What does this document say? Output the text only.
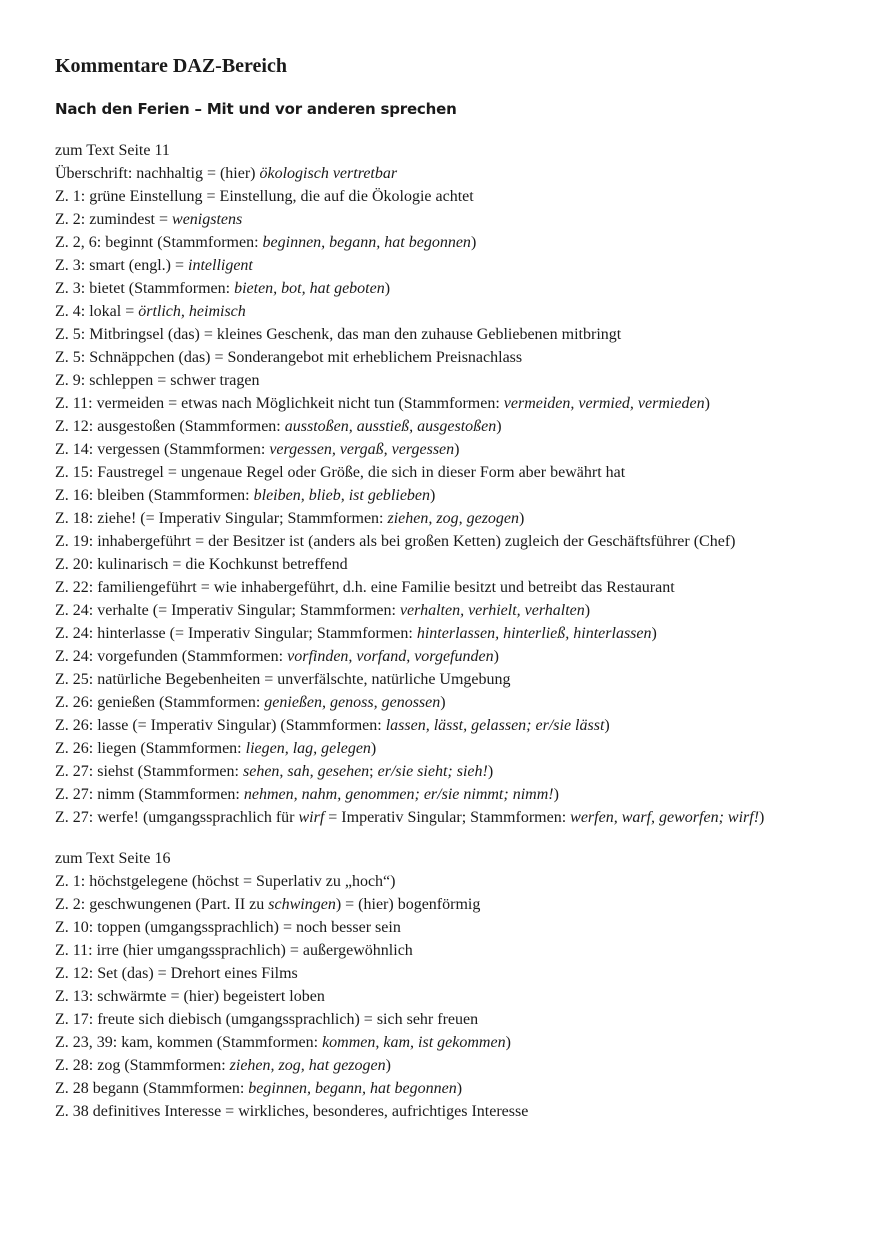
Kommentare DAZ-Bereich
Nach den Ferien – Mit und vor anderen sprechen
zum Text Seite 11
Überschrift: nachhaltig = (hier) ökologisch vertretbar
Z. 1: grüne Einstellung = Einstellung, die auf die Ökologie achtet
Z. 2: zumindest = wenigstens
Z. 2, 6: beginnt (Stammformen: beginnen, begann, hat begonnen)
Z. 3: smart (engl.) = intelligent
Z. 3: bietet (Stammformen: bieten, bot, hat geboten)
Z. 4: lokal = örtlich, heimisch
Z. 5: Mitbringsel (das) = kleines Geschenk, das man den zuhause Gebliebenen mitbringt
Z. 5: Schnäppchen (das) = Sonderangebot mit erheblichem Preisnachlass
Z. 9: schleppen = schwer tragen
Z. 11: vermeiden = etwas nach Möglichkeit nicht tun (Stammformen: vermeiden, vermied, vermieden)
Z. 12: ausgestoßen (Stammformen: ausstoßen, ausstieß, ausgestoßen)
Z. 14: vergessen (Stammformen: vergessen, vergaß, vergessen)
Z. 15: Faustregel = ungenaue Regel oder Größe, die sich in dieser Form aber bewährt hat
Z. 16: bleiben (Stammformen: bleiben, blieb, ist geblieben)
Z. 18: ziehe! (= Imperativ Singular; Stammformen: ziehen, zog, gezogen)
Z. 19: inhabergeführt = der Besitzer ist (anders als bei großen Ketten) zugleich der Geschäftsführer (Chef)
Z. 20: kulinarisch = die Kochkunst betreffend
Z. 22: familiengeführt = wie inhabergeführt, d.h. eine Familie besitzt und betreibt das Restaurant
Z. 24: verhalte (= Imperativ Singular; Stammformen: verhalten, verhielt, verhalten)
Z. 24: hinterlasse (= Imperativ Singular; Stammformen: hinterlassen, hinterließ, hinterlassen)
Z. 24: vorgefunden (Stammformen: vorfinden, vorfand, vorgefunden)
Z. 25: natürliche Begebenheiten = unverfälschte, natürliche Umgebung
Z. 26: genießen (Stammformen: genießen, genoss, genossen)
Z. 26: lasse (= Imperativ Singular) (Stammformen: lassen, lässt, gelassen; er/sie lässt)
Z. 26: liegen (Stammformen: liegen, lag, gelegen)
Z. 27: siehst (Stammformen: sehen, sah, gesehen; er/sie sieht; sieh!)
Z. 27: nimm (Stammformen: nehmen, nahm, genommen; er/sie nimmt; nimm!)
Z. 27: werfe! (umgangssprachlich für wirf = Imperativ Singular; Stammformen: werfen, warf, geworfen; wirf!)
zum Text Seite 16
Z. 1: höchstgelegene (höchst = Superlativ zu „hoch“)
Z. 2: geschwungenen (Part. II zu schwingen) = (hier) bogenförmig
Z. 10: toppen (umgangssprachlich) = noch besser sein
Z. 11: irre (hier umgangssprachlich) = außergewöhnlich
Z. 12: Set (das) = Drehort eines Films
Z. 13: schwärmte = (hier) begeistert loben
Z. 17: freute sich diebisch (umgangssprachlich) = sich sehr freuen
Z. 23, 39: kam, kommen (Stammformen: kommen, kam, ist gekommen)
Z. 28: zog (Stammformen: ziehen, zog, hat gezogen)
Z. 28 begann (Stammformen: beginnen, begann, hat begonnen)
Z. 38 definitives Interesse = wirkliches, besonderes, aufrichtiges Interesse
